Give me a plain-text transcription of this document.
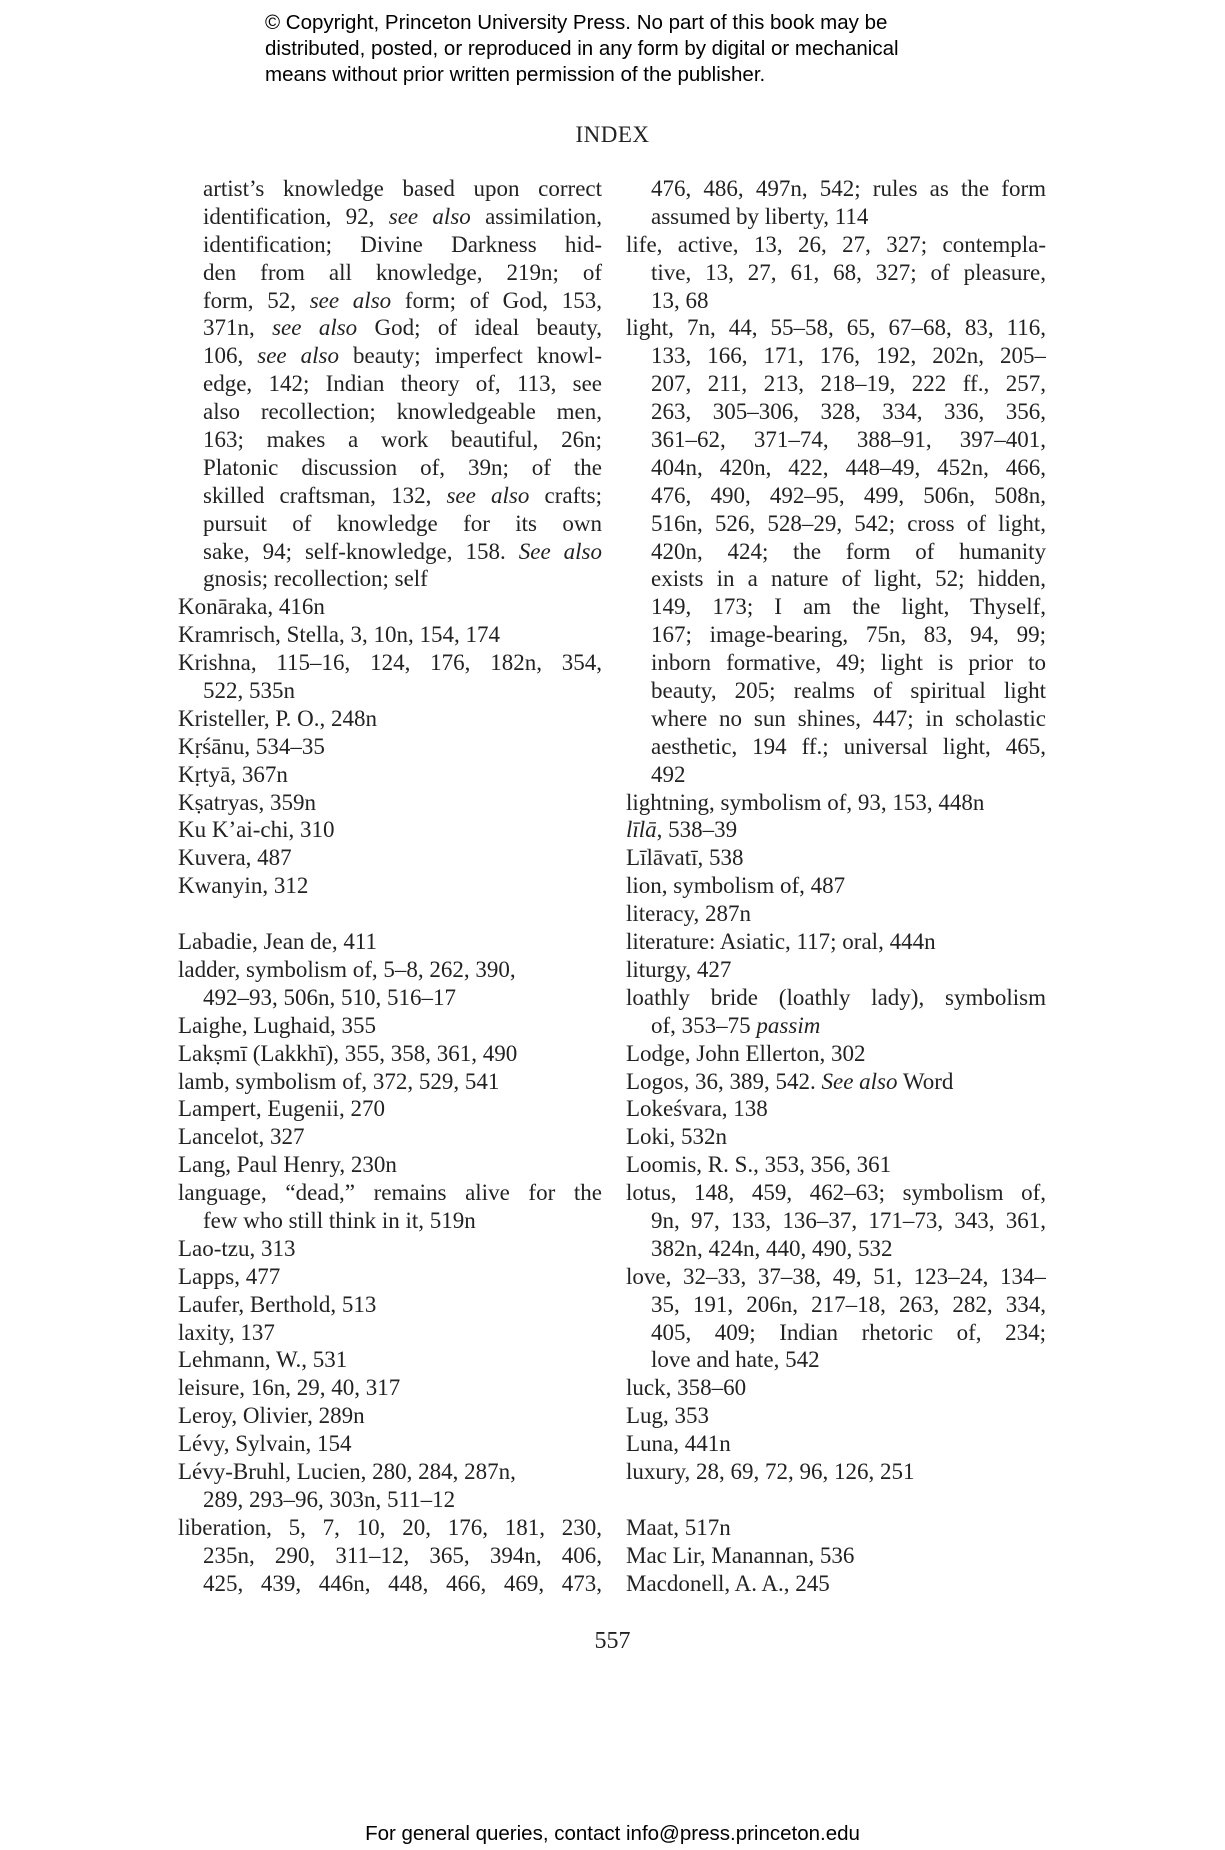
© Copyright, Princeton University Press. No part of this book may be
distributed, posted, or reproduced in any form by digital or mechanical
means without prior written permission of the publisher.
INDEX
artist’s knowledge based upon correct
identification, 92, see also assimilation,
identification; Divine Darkness hid-
den from all knowledge, 219n; of
form, 52, see also form; of God, 153,
371n, see also God; of ideal beauty,
106, see also beauty; imperfect knowl-
edge, 142; Indian theory of, 113, see
also recollection; knowledgeable men,
163; makes a work beautiful, 26n;
Platonic discussion of, 39n; of the
skilled craftsman, 132, see also crafts;
pursuit of knowledge for its own
sake, 94; self-knowledge, 158. See also
gnosis; recollection; self
Konāraka, 416n
Kramrisch, Stella, 3, 10n, 154, 174
Krishna, 115–16, 124, 176, 182n, 354,
522, 535n
Kristeller, P. O., 248n
Kṛśānu, 534–35
Kṛtyā, 367n
Kṣatryas, 359n
Ku K’ai-chi, 310
Kuvera, 487
Kwanyin, 312
Labadie, Jean de, 411
ladder, symbolism of, 5–8, 262, 390,
492–93, 506n, 510, 516–17
Laighe, Lughaid, 355
Lakṣmī (Lakkhī), 355, 358, 361, 490
lamb, symbolism of, 372, 529, 541
Lampert, Eugenii, 270
Lancelot, 327
Lang, Paul Henry, 230n
language, “dead,” remains alive for the
few who still think in it, 519n
Lao-tzu, 313
Lapps, 477
Laufer, Berthold, 513
laxity, 137
Lehmann, W., 531
leisure, 16n, 29, 40, 317
Leroy, Olivier, 289n
Lévy, Sylvain, 154
Lévy-Bruhl, Lucien, 280, 284, 287n,
289, 293–96, 303n, 511–12
liberation, 5, 7, 10, 20, 176, 181, 230,
235n, 290, 311–12, 365, 394n, 406,
425, 439, 446n, 448, 466, 469, 473,
476, 486, 497n, 542; rules as the form
assumed by liberty, 114
life, active, 13, 26, 27, 327; contempla-
tive, 13, 27, 61, 68, 327; of pleasure,
13, 68
light, 7n, 44, 55–58, 65, 67–68, 83, 116,
133, 166, 171, 176, 192, 202n, 205–
207, 211, 213, 218–19, 222 ff., 257,
263, 305–306, 328, 334, 336, 356,
361–62, 371–74, 388–91, 397–401,
404n, 420n, 422, 448–49, 452n, 466,
476, 490, 492–95, 499, 506n, 508n,
516n, 526, 528–29, 542; cross of light,
420n, 424; the form of humanity
exists in a nature of light, 52; hidden,
149, 173; I am the light, Thyself,
167; image-bearing, 75n, 83, 94, 99;
inborn formative, 49; light is prior to
beauty, 205; realms of spiritual light
where no sun shines, 447; in scholastic
aesthetic, 194 ff.; universal light, 465,
492
lightning, symbolism of, 93, 153, 448n
līlā, 538–39
Līlāvatī, 538
lion, symbolism of, 487
literacy, 287n
literature: Asiatic, 117; oral, 444n
liturgy, 427
loathly bride (loathly lady), symbolism
of, 353–75 passim
Lodge, John Ellerton, 302
Logos, 36, 389, 542. See also Word
Lokeśvara, 138
Loki, 532n
Loomis, R. S., 353, 356, 361
lotus, 148, 459, 462–63; symbolism of,
9n, 97, 133, 136–37, 171–73, 343, 361,
382n, 424n, 440, 490, 532
love, 32–33, 37–38, 49, 51, 123–24, 134–
35, 191, 206n, 217–18, 263, 282, 334,
405, 409; Indian rhetoric of, 234;
love and hate, 542
luck, 358–60
Lug, 353
Luna, 441n
luxury, 28, 69, 72, 96, 126, 251
Maat, 517n
Mac Lir, Manannan, 536
Macdonell, A. A., 245
557
For general queries, contact info@press.princeton.edu
